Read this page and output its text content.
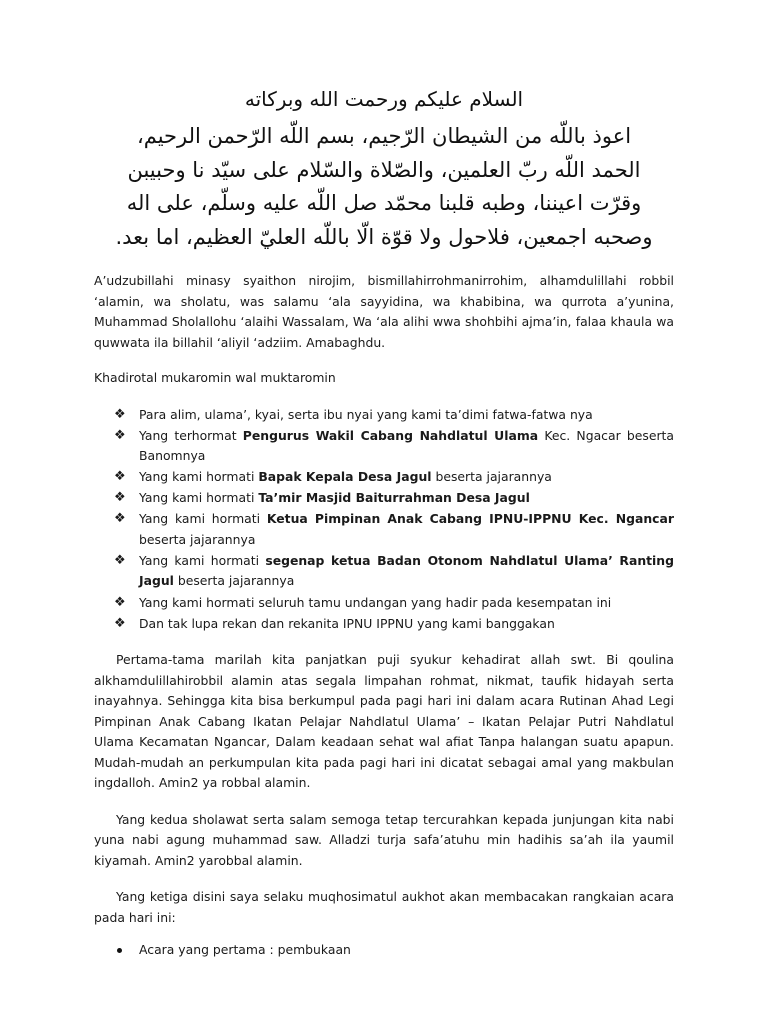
السلام عليكم ورحمت الله وبركاته

اعوذ باللّه من الشيطان الرّجيم، بسم اللّه الرّحمن الرحيم،
الحمد اللّه ربّ العلمين، والصّلاة والسّلام على سيّد نا وحبيبن
وقرّت اعيننا، وطبه قلبنا محمّد صل اللّه عليه وسلّم، على اله
وصحبه اجمعين، فلاحول ولا قوّة الّا باللّه العليّ العظيم، اما بعد.

A’udzubillahi minasy syaithon nirojim, bismillahirrohmanirrohim, alhamdulillahi robbil ‘alamin, wa sholatu, was salamu ‘ala sayyidina, wa khabibina, wa qurrota a’yunina, Muhammad Sholallohu ‘alaihi Wassalam, Wa ‘ala alihi wwa shohbihi ajma’in, falaa khaula wa quwwata ila billahil ‘aliyil ‘adziim. Amabaghdu.

Khadirotal mukaromin wal muktaromin

❖ Para alim, ulama’, kyai, serta ibu nyai yang kami ta’dimi fatwa-fatwa nya
❖ Yang terhormat Pengurus Wakil Cabang Nahdlatul Ulama Kec. Ngacar beserta Banomnya
❖ Yang kami hormati Bapak Kepala Desa Jagul beserta jajarannya
❖ Yang kami hormati Ta’mir Masjid Baiturrahman Desa Jagul
❖ Yang kami hormati Ketua Pimpinan Anak Cabang IPNU-IPPNU Kec. Ngancar beserta jajarannya
❖ Yang kami hormati segenap ketua Badan Otonom Nahdlatul Ulama’ Ranting Jagul beserta jajarannya
❖ Yang kami hormati seluruh tamu undangan yang hadir pada kesempatan ini
❖ Dan tak lupa rekan dan rekanita IPNU IPPNU yang kami banggakan

Pertama-tama marilah kita panjatkan puji syukur kehadirat allah swt. Bi qoulina alkhamdulillahirobbil alamin atas segala limpahan rohmat, nikmat, taufik hidayah serta inayahnya. Sehingga kita bisa berkumpul pada pagi hari ini dalam acara Rutinan Ahad Legi Pimpinan Anak Cabang Ikatan Pelajar Nahdlatul Ulama’ – Ikatan Pelajar Putri Nahdlatul Ulama Kecamatan Ngancar, Dalam keadaan sehat wal afiat Tanpa halangan suatu apapun. Mudah-mudah an perkumpulan kita pada pagi hari ini dicatat sebagai amal yang makbulan ingdalloh. Amin2 ya robbal alamin.

Yang kedua sholawat serta salam semoga tetap tercurahkan kepada junjungan kita nabi yuna nabi agung muhammad saw. Alladzi turja safa’atuhu min hadihis sa’ah ila yaumil kiyamah. Amin2 yarobbal alamin.

Yang ketiga disini saya selaku muqhosimatul aukhot akan membacakan rangkaian acara pada hari ini:

Acara yang pertama : pembukaan
